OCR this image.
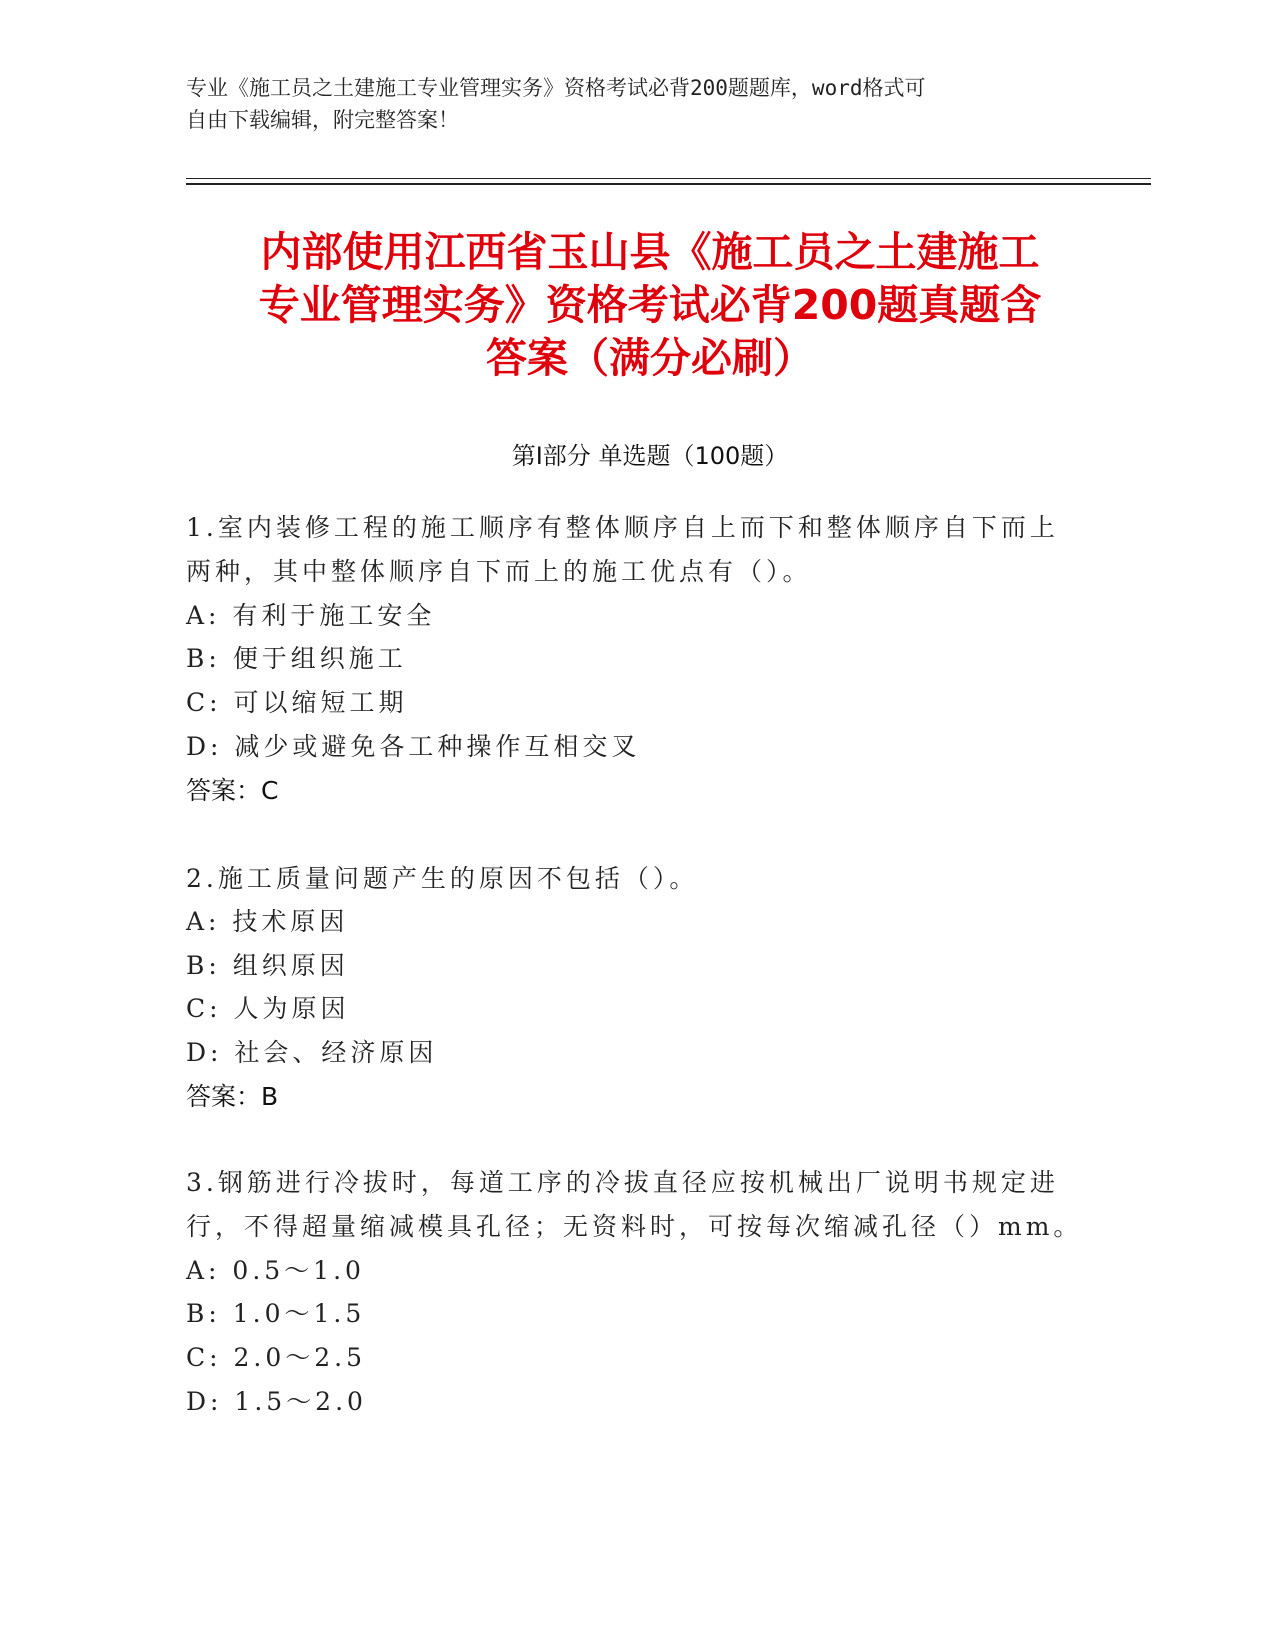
专业《施工员之土建施工专业管理实务》资格考试必背200题题库，word格式可
自由下载编辑，附完整答案！
内部使用江西省玉山县《施工员之土建施工
专业管理实务》资格考试必背200题真题含
答案（满分必刷）
第Ⅰ部分 单选题（100题）
1.室内装修工程的施工顺序有整体顺序自上而下和整体顺序自下而上
两种，其中整体顺序自下而上的施工优点有（）。
A: 有利于施工安全
B: 便于组织施工
C: 可以缩短工期
D: 减少或避免各工种操作互相交叉
答案：C
2.施工质量问题产生的原因不包括（）。
A: 技术原因
B: 组织原因
C: 人为原因
D: 社会、经济原因
答案：B
3.钢筋进行冷拔时，每道工序的冷拔直径应按机械出厂说明书规定进
行，不得超量缩减模具孔径；无资料时，可按每次缩减孔径（）mm。
A: 0.5～1.0
B: 1.0～1.5
C: 2.0～2.5
D: 1.5～2.0
